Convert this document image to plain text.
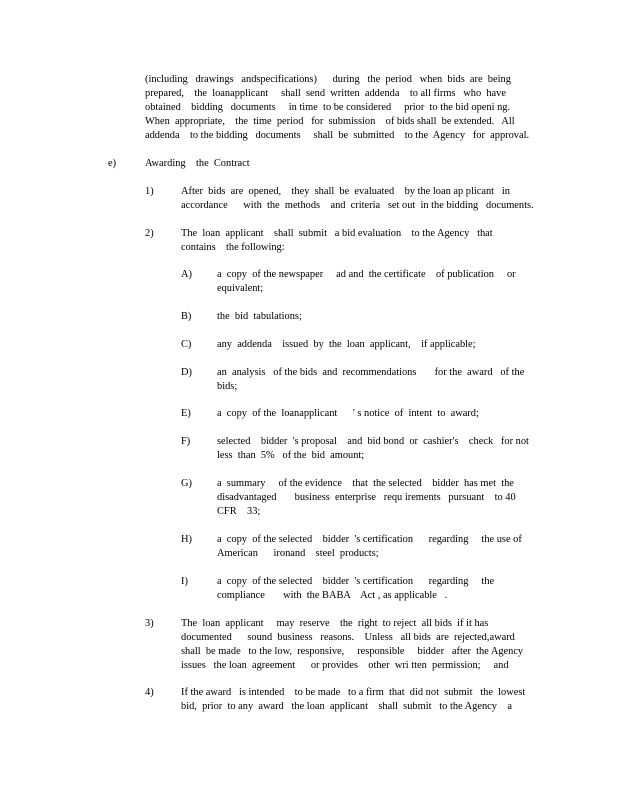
(including   drawings   andspecifications)      during   the  period   when  bids  are  being
prepared,    the  loanapplicant     shall  send  written  addenda    to all firms   who  have
obtained    bidding   documents     in time  to be considered     prior  to the bid openi ng.
When  appropriate,    the  time  period   for  submission    of bids shall  be extended.   All
addenda    to the bidding   documents     shall  be  submitted    to the  Agency   for  approval.
e)	Awarding    the  Contract
1)	After  bids  are  opened,    they  shall  be  evaluated    by the loan ap plicant   in
accordance      with  the  methods    and  criteria   set out  in the bidding   documents.
2)	The  loan  applicant    shall  submit   a bid evaluation    to the Agency   that
contains    the following:
A) a  copy  of the newspaper     ad and  the certificate    of publication     or
equivalent;
B) the  bid  tabulations;
C) any  addenda    issued  by  the  loan  applicant,    if applicable;
D) an  analysis   of the bids  and  recommendations       for the  award   of the
bids;
E)	a  copy  of the  loanapplicant      ' s notice  of  intent  to  award;
F)	selected    bidder  's proposal    and  bid bond  or  cashier's    check   for not
less  than  5%   of the  bid  amount;
G) a  summary     of the evidence    that  the selected    bidder  has met  the
disadvantaged       business  enterprise   requ irements   pursuant    to 40
CFR    33;
H) a  copy  of the selected    bidder  's certification      regarding     the use of
American      ironand    steel  products;
I)	a  copy  of the selected    bidder  's certification      regarding     the
compliance       with  the BABA    Act , as applicable   .
3)	The  loan  applicant     may  reserve    the  right  to reject  all bids  if it has
documented      sound  business   reasons.    Unless   all bids  are  rejected,award
shall  be made   to the low,  responsive,     responsible     bidder   after  the Agency
issues   the loan  agreement      or provides    other  wri tten  permission;     and
4)	If the award   is intended    to be made   to a firm  that  did not  submit   the  lowest
bid,  prior  to any  award   the loan  applicant    shall  submit   to the Agency    a
